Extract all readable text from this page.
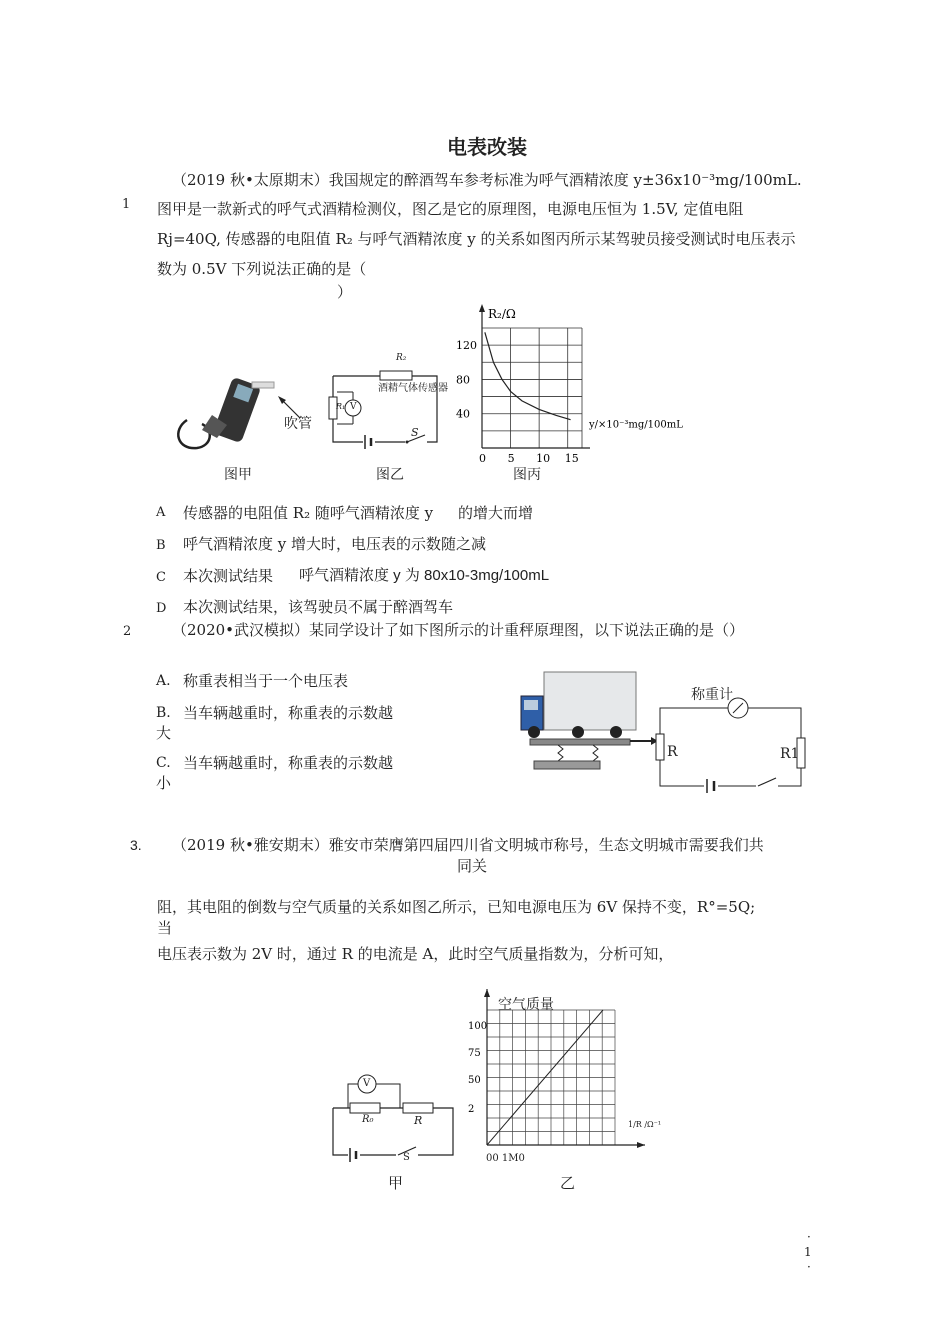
电表改装
1
（2019 秋•太原期末）我国规定的醉酒驾车参考标准为呼气酒精浓度 y±36x10⁻³mg/100mL.
图甲是一款新式的呼气式酒精检测仪，图乙是它的原理图，电源电压恒为 1.5V, 定值电阻
Rj=40Q, 传感器的电阻值 R₂ 与呼气酒精浓度 y 的关系如图丙所示某驾驶员接受测试时电压表示
数为 0.5V 下列说法正确的是（
）
吹管
图甲
R₂
酒精气体传感器
R₁ V
S
图乙
R₂/Ω
y/×10⁻³mg/100mL
0 5 10 15
40
80
120
图丙
A 传感器的电阻值 R₂ 随呼气酒精浓度 y 的增大而增
B 呼气酒精浓度 y 增大时，电压表的示数随之减
C 本次测试结果 呼气酒精浓度 y 为 80x10-3mg/100mL
D 本次测试结果，该驾驶员不属于醉酒驾车
2	（2020•武汉模拟）某同学设计了如下图所示的计重秤原理图，以下说法正确的是（）
A. 称重表相当于一个电压表
B. 当车辆越重时，称重表的示数越
大
C. 当车辆越重时，称重表的示数越
小
称重计
R	R1
3. （2019 秋•雅安期末）雅安市荣膺第四届四川省文明城市称号，生态文明城市需要我们共
同关
阻，其电阻的倒数与空气质量的关系如图乙所示，已知电源电压为 6V 保持不变，R°=5Q;
当
电压表示数为 2V 时，通过 R 的电流是 A，此时空气质量指数为，分析可知，
V
R₀	R
S
甲
100
75
50
2
空气质量
1/R /Ω⁻¹
00 1M0
乙
·
1
·
